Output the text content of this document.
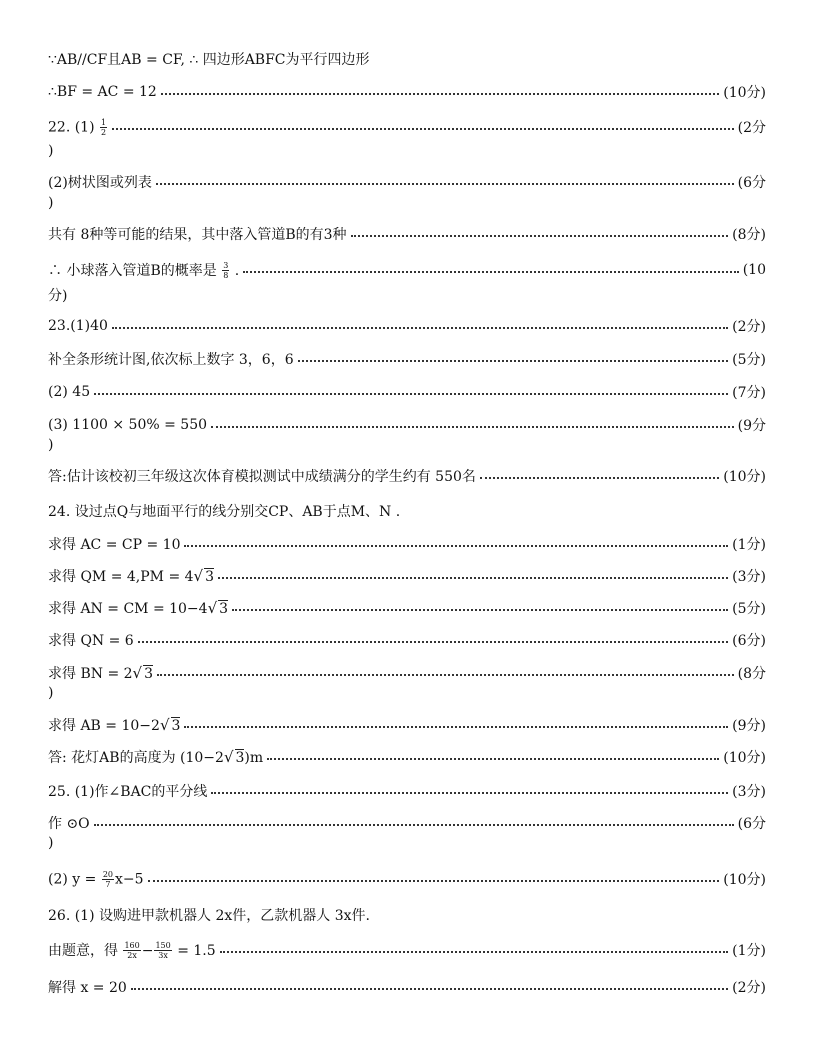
∵AB//CF且AB = CF, ∴ 四边形ABFC为平行四边形
∴BF = AC = 12	(10分)
22. $(1) \frac{1}{2}$	(2分
)
(2)树状图或列表	(6分
)
共有 8种等可能的结果，其中落入管道B的有3种	(8分)
∴ 小球落入管道B的概率是 $\frac{3}{8}$ .	(10
分)
23.(1)40	(2分)
补全条形统计图,依次标上数字 3，6，6	(5分)
(2) 45	(7分)
(3) 1100 × 50% = 550	(9分
)
答:估计该校初三年级这次体育模拟测试中成绩满分的学生约有 550名	(10分)
24. 设过点Q与地面平行的线分别交CP、AB于点M、N .
求得 AC = CP = 10	(1分)
求得 QM = 4,PM = 4√ 3	(3分)
求得 AN = CM = 10−4√ 3	(5分)
求得 QN = 6	(6分)
求得 BN = 2√ 3	(8分
)
求得 AB = 10−2√ 3	(9分)
答: 花灯AB的高度为 (10−2√ 3)m	(10分)
25. (1)作∠BAC的平分线	(3分)
作 ⊙O	(6分
)
(2) $y = \frac{20}{7} x-5$	(10分)
26. (1) 设购进甲款机器人 2x件，乙款机器人 3x件.
由题意，得 $\frac{160}{2x} - \frac{150}{3x} = 1.5$	(1分)
解得 x = 20	(2分)
